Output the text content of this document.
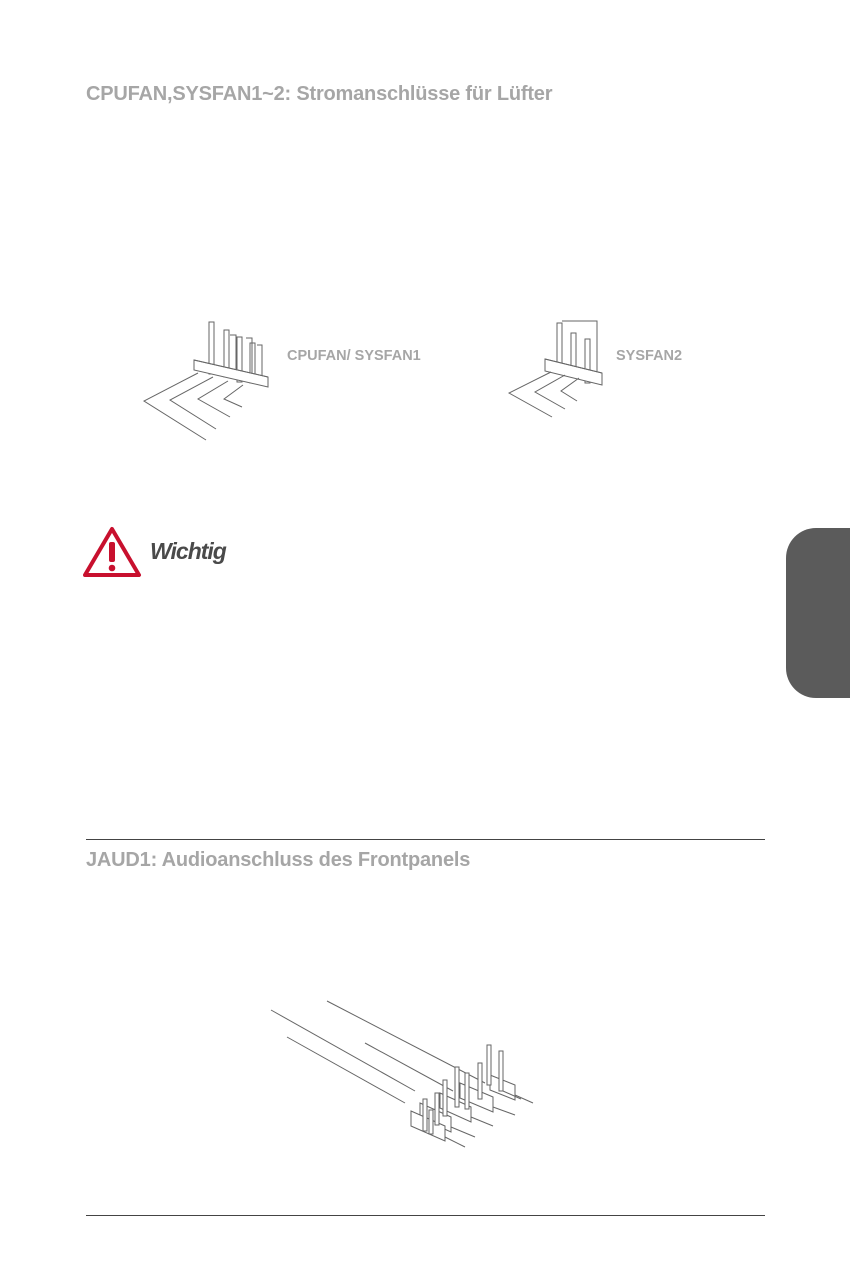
CPUFAN,SYSFAN1~2: Stromanschlüsse für Lüfter
CPUFAN/ SYSFAN1	SYSFAN2
Wichtig
JAUD1: Audioanschluss des Frontpanels
